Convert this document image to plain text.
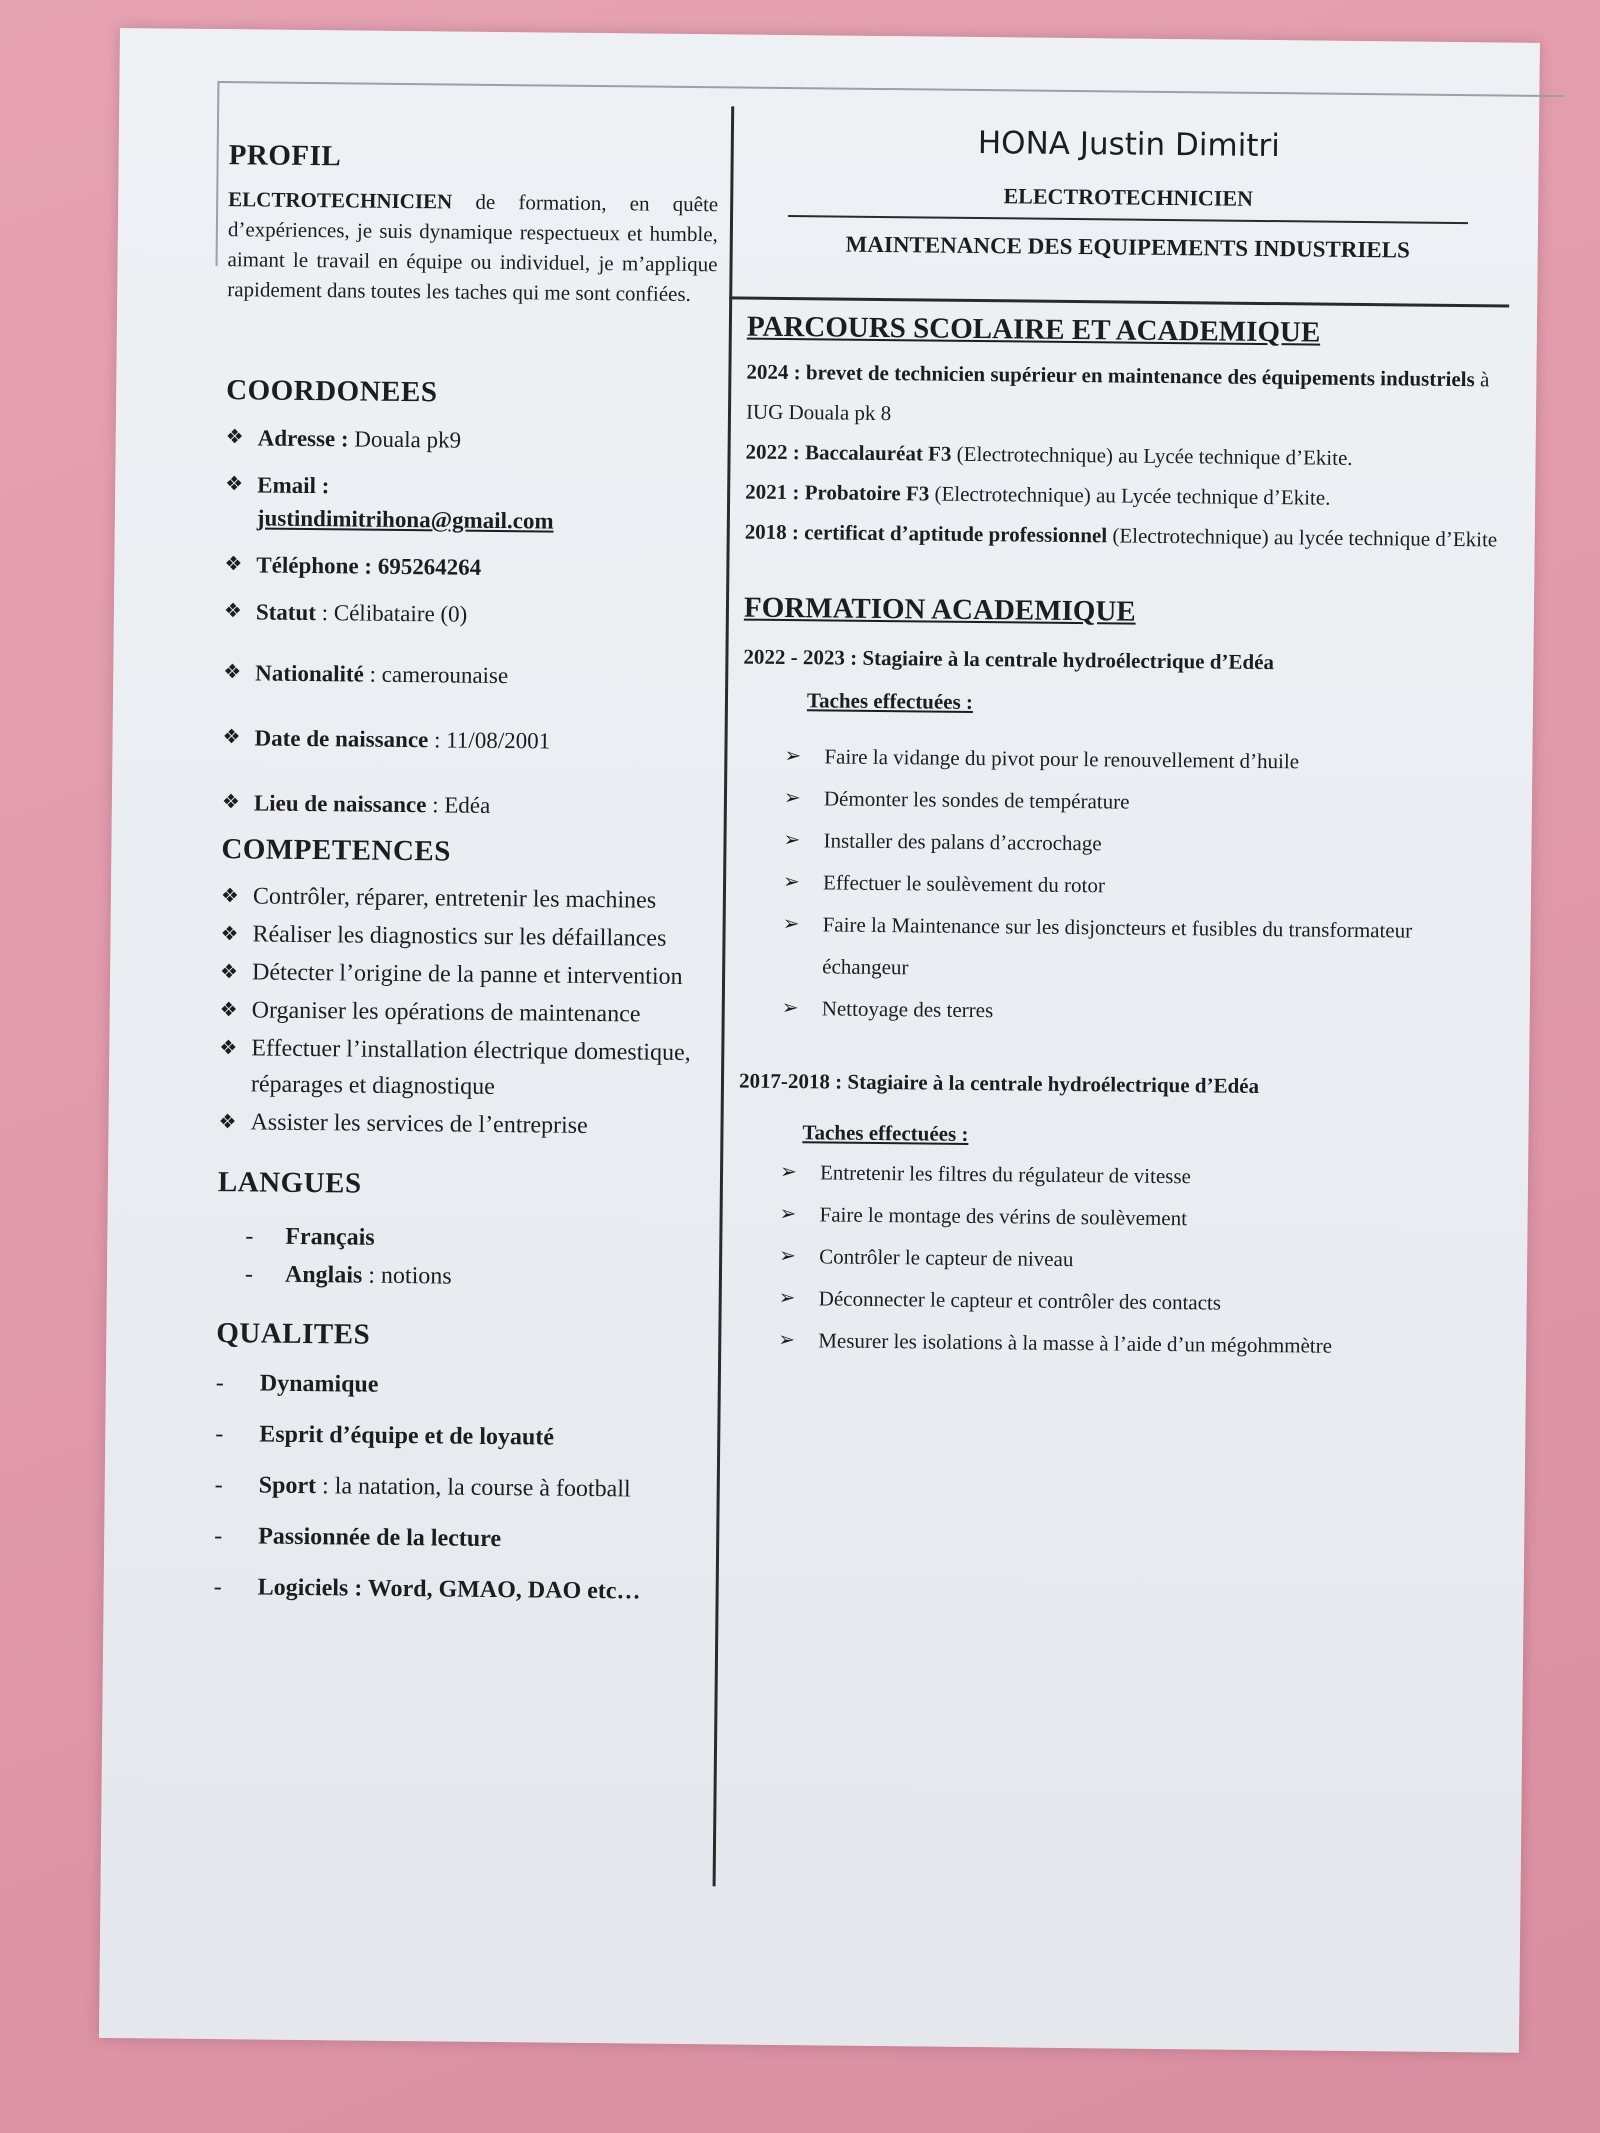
PROFIL
ELCTROTECHNICIEN de formation, en quête d’expériences, je suis dynamique respectueux et humble, aimant le travail en équipe ou individuel, je m’applique rapidement dans toutes les taches qui me sont confiées.
COORDONEES
❖ Adresse : Douala pk9
❖ Email :
justindimitrihona@gmail.com
❖ Téléphone : 695264264
❖ Statut : Célibataire (0)
❖ Nationalité : camerounaise
❖ Date de naissance : 11/08/2001
❖ Lieu de naissance : Edéa
COMPETENCES
❖ Contrôler, réparer, entretenir les machines
❖ Réaliser les diagnostics sur les défaillances
❖ Détecter l’origine de la panne et intervention
❖ Organiser les opérations de maintenance
❖ Effectuer l’installation électrique domestique, réparages et diagnostique
❖ Assister les services de l’entreprise
LANGUES
-	Français
-	Anglais : notions
QUALITES
-	Dynamique
-	Esprit d’équipe et de loyauté
-	Sport : la natation, la course à football
-	Passionnée de la lecture
-	Logiciels : Word, GMAO, DAO etc…
HONA Justin Dimitri
ELECTROTECHNICIEN
MAINTENANCE DES EQUIPEMENTS INDUSTRIELS
PARCOURS SCOLAIRE ET ACADEMIQUE
2024 : brevet de technicien supérieur en maintenance des équipements industriels à IUG Douala pk 8
2022 : Baccalauréat F3 (Electrotechnique) au Lycée technique d’Ekite.
2021 : Probatoire F3 (Electrotechnique) au Lycée technique d’Ekite.
2018 : certificat d’aptitude professionnel (Electrotechnique) au lycée technique d’Ekite
FORMATION ACADEMIQUE
2022 - 2023 : Stagiaire à la centrale hydroélectrique d’Edéa
Taches effectuées :
➢	Faire la vidange du pivot pour le renouvellement d’huile
➢	Démonter les sondes de température
➢	Installer des palans d’accrochage
➢	Effectuer le soulèvement du rotor
➢	Faire la Maintenance sur les disjoncteurs et fusibles du transformateur échangeur
➢	Nettoyage des terres
2017-2018 : Stagiaire à la centrale hydroélectrique d’Edéa
Taches effectuées :
➢	Entretenir les filtres du régulateur de vitesse
➢	Faire le montage des vérins de soulèvement
➢	Contrôler le capteur de niveau
➢	Déconnecter le capteur et contrôler des contacts
➢	Mesurer les isolations à la masse à l’aide d’un mégohmmètre
